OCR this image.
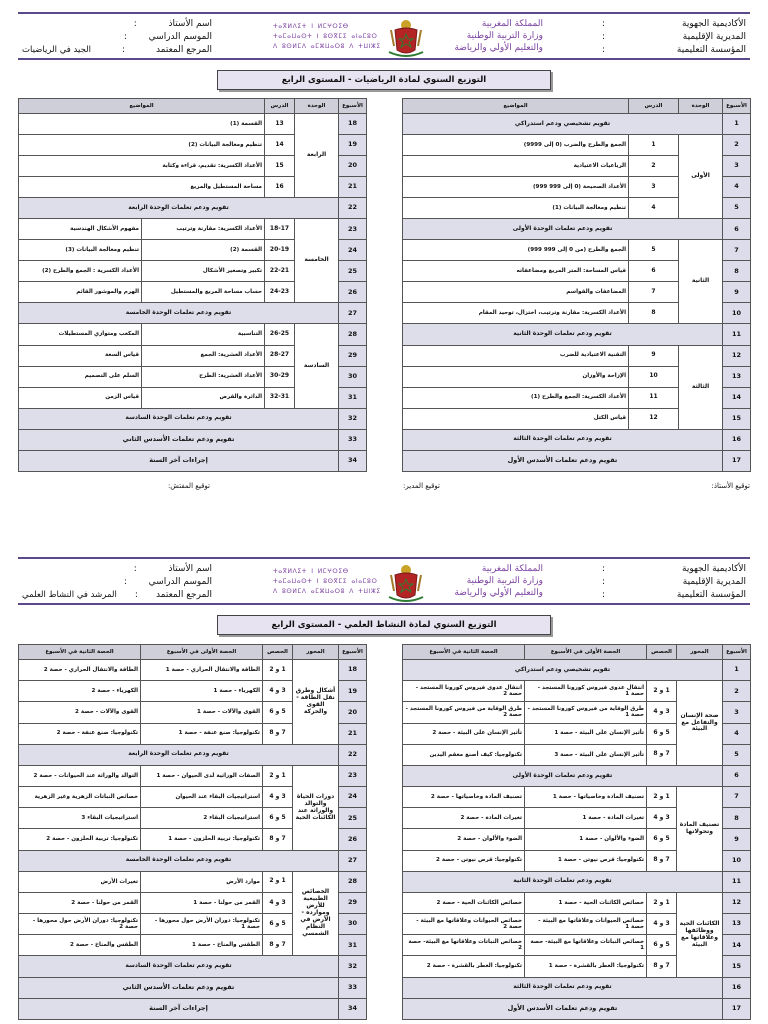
الأكاديمية الجهوية
:
المديرية الإقليمية
:
المؤسسة التعليمية
:
المملكة المغربية
وزارة التربية الوطنية
والتعليم الأولي والرياضة
ⵜⴰⴳⵍⴷⵉⵜ ⵏ ⵍⵎⵖⵔⵉⴱ
ⵜⴰⵎⴰⵡⴰⵙⵜ ⵏ ⵓⵙⴳⵎⵉ ⴰⵏⴰⵎⵓⵔ
ⴷ ⵓⵙⵍⵎⴷ ⴰⵎⵣⵡⴰⵔⵓ ⴷ ⵜⵡⵏⵣⵉ
اسم الأستاذ
:
الموسم الدراسي
:
المرجع المعتمد
:
الجيد في الرياضيات
التوزيع السنوي لمادة الرياضيات - المستوى الرابع
الأسبوع	الوحدة	الدرس	المواضيع
1	تقويم تشخيصي ودعم استدراكي		
2	الأولى	1	الجمع والطرح والضرب (0 إلى 9999)
3		2	الرباعيات الاعتيادية
4		3	الأعداد الصحيحة (0 إلى 999 999)
5		4	تنظيم ومعالجة البيانات (1)
6	تقويم ودعم تعلمات الوحدة الأولى		
7	الثانية	5	الجمع والطرح (من 0 إلى 999 999)
8		6	قياس المساحة: المتر المربع ومضاعفاته
9		7	المضاعفات والقواسم
10		8	الأعداد الكسرية: مقارنة وترتيب، اختزال، توحيد المقام
11	تقويم ودعم تعلمات الوحدة الثانية		
12	الثالثة	9	التقنية الاعتيادية للضرب
13		10	الإزاحة والأوزان
14		11	الأعداد الكسرية: الجمع والطرح (1)
15		12	قياس الكتل
16	تقويم ودعم تعلمات الوحدة الثالثة		
17	تقويم ودعم تعلمات الأسدس الأول		
الأسبوع	الوحدة	الدرس	المواضيع	
18	الرابعة	13	القسمة (1)	
19		14	تنظيم ومعالجة البيانات (2)	
20		15	الأعداد الكسرية: تقديم، قراءة وكتابة	
21		16	مساحة المستطيل والمربع	
22	تقويم ودعم تعلمات الوحدة الرابعة			
23	الخامسة	18-17	الأعداد الكسرية: مقارنة وترتيب	مفهوم الأشكال الهندسية
24		20-19	القسمة (2)	تنظيم ومعالجة البيانات (3)
25		22-21	تكبير وتصغير الأشكال	الأعداد الكسرية : الجمع والطرح (2)
26		24-23	حساب مساحة المربع والمستطيل	الهرم والموشور القائم
27	تقويم ودعم تعلمات الوحدة الخامسة			
28	السادسة	26-25	التناسبية	المكعب ومتوازي المستطيلات
29		28-27	الأعداد العشرية: الجمع	قياس السعة
30		30-29	الأعداد العشرية: الطرح	السلم على التصميم
31		32-31	الدائرة والقرص	قياس الزمن
32	تقويم ودعم تعلمات الوحدة السادسة			
33	تقويم ودعم تعلمات الأسدس الثاني			
34	إجراءات آخر السنة			
توقيع الأستاذ:
توقيع المدير:
توقيع المفتش:
الأكاديمية الجهوية
:
المديرية الإقليمية
:
المؤسسة التعليمية
:
المملكة المغربية
وزارة التربية الوطنية
والتعليم الأولي والرياضة
ⵜⴰⴳⵍⴷⵉⵜ ⵏ ⵍⵎⵖⵔⵉⴱ
ⵜⴰⵎⴰⵡⴰⵙⵜ ⵏ ⵓⵙⴳⵎⵉ ⴰⵏⴰⵎⵓⵔ
ⴷ ⵓⵙⵍⵎⴷ ⴰⵎⵣⵡⴰⵔⵓ ⴷ ⵜⵡⵏⵣⵉ
اسم الأستاذ
:
الموسم الدراسي
:
المرجع المعتمد
:
المرشد في النشاط العلمي
التوزيع السنوي لمادة النشاط العلمي - المستوى الرابع
الأسبوع	المحور	الحصص	الحصة الأولى في الأسبوع	الحصة الثانية في الأسبوع
1	تقويم تشخيصي ودعم استدراكي			
2	صحة الإنسان والتفاعل مع البيئة	1 و 2	انتقال عدوى فيروس كورونا المستجد - حصة 1	انتقال عدوى فيروس كورونا المستجد - حصة 2
3		3 و 4	طرق الوقاية من فيروس كورونا المستجد - حصة 1	طرق الوقاية من فيروس كورونا المستجد - حصة 2
4		5 و 6	تأثير الإنسان على البيئة - حصة 1	تأثير الإنسان على البيئة - حصة 2
5		7 و 8	تأثير الإنسان على البيئة - حصة 3	تكنولوجيا: كيف أصنع معقم اليدين
6	تقويم ودعم تعلمات الوحدة الأولى			
7	تصنيف المادة وتحولاتها	1 و 2	تصنيف المادة وخاصياتها - حصة 1	تصنيف المادة وخاصياتها - حصة 2
8		3 و 4	تغيرات المادة - حصة 1	تغيرات المادة - حصة 2
9		5 و 6	الضوء والألوان - حصة 1	الضوء والألوان - حصة 2
10		7 و 8	تكنولوجيا: قرص نيوتن - حصة 1	تكنولوجيا: قرص نيوتن - حصة 2
11	تقويم ودعم تعلمات الوحدة الثانية			
12	الكائنات الحية ووظائفها وعلاقاتها مع البيئة	1 و 2	خصائص الكائنات الحية - حصة 1	خصائص الكائنات الحية - حصة 2
13		3 و 4	خصائص الحيوانات وعلاقاتها مع البيئة - حصة 1	خصائص الحيوانات وعلاقاتها مع البيئة - حصة 2
14		5 و 6	خصائص النباتات وعلاقاتها مع البيئة- حصة 1	خصائص النباتات وعلاقاتها مع البيئة- حصة 2
15		7 و 8	تكنولوجيا: العطر بالقشرة - حصة 1	تكنولوجيا: العطر بالقشرة - حصة 2
16	تقويم ودعم تعلمات الوحدة الثالثة			
17	تقويم ودعم تعلمات الأسدس الأول			
الأسبوع	المحور	الحصص	الحصة الأولى في الأسبوع	الحصة الثانية في الأسبوع
18	أشكال وطرق نقل الطاقة - القوى والحركة	1 و 2	الطاقة والانتقال الحراري - حصة 1	الطاقة والانتقال الحراري - حصة 2
19		3 و 4	الكهرباء - حصة 1	الكهرباء - حصة 2
20		5 و 6	القوى والآلات - حصة 1	القوى والآلات - حصة 2
21		7 و 8	تكنولوجيا: صنع عنفة - حصة 1	تكنولوجيا: صنع عنفة - حصة 2
22	تقويم ودعم تعلمات الوحدة الرابعة			
23	دورات الحياة والتوالد والوراثة عند الكائنات الحية	1 و 2	الصفات الوراثية لدى الحيوان - حصة 1	التوالد والوراثة عند الحيوانات - حصة 2
24		3 و 4	استراتيجيات البقاء عند الحيوان	خصائص النباتات الزهرية وغير الزهرية
25		5 و 6	استراتيجيات البقاء 2	استراتيجيات البقاء 3
26		7 و 8	تكنولوجيا: تربية الحلزون - حصة 1	تكنولوجيا: تربية الحلزون - حصة 2
27	تقويم ودعم تعلمات الوحدة الخامسة			
28	الخصائص الطبيعية للأرض وموارده - الأرض في النظام الشمسي	1 و 2	موارد الأرض	تغيرات الأرض
29		3 و 4	القمر من حولنا - حصة 1	القمر من حولنا - حصة 2
30		5 و 6	تكنولوجيا: دوران الأرض حول محورها - حصة 1	تكنولوجيا: دوران الأرض حول محورها - حصة 2
31		7 و 8	الطقس والمناخ - حصة 1	الطقس والمناخ - حصة 2
32	تقويم ودعم تعلمات الوحدة السادسة			
33	تقويم ودعم تعلمات الأسدس الثاني			
34	إجراءات آخر السنة			
